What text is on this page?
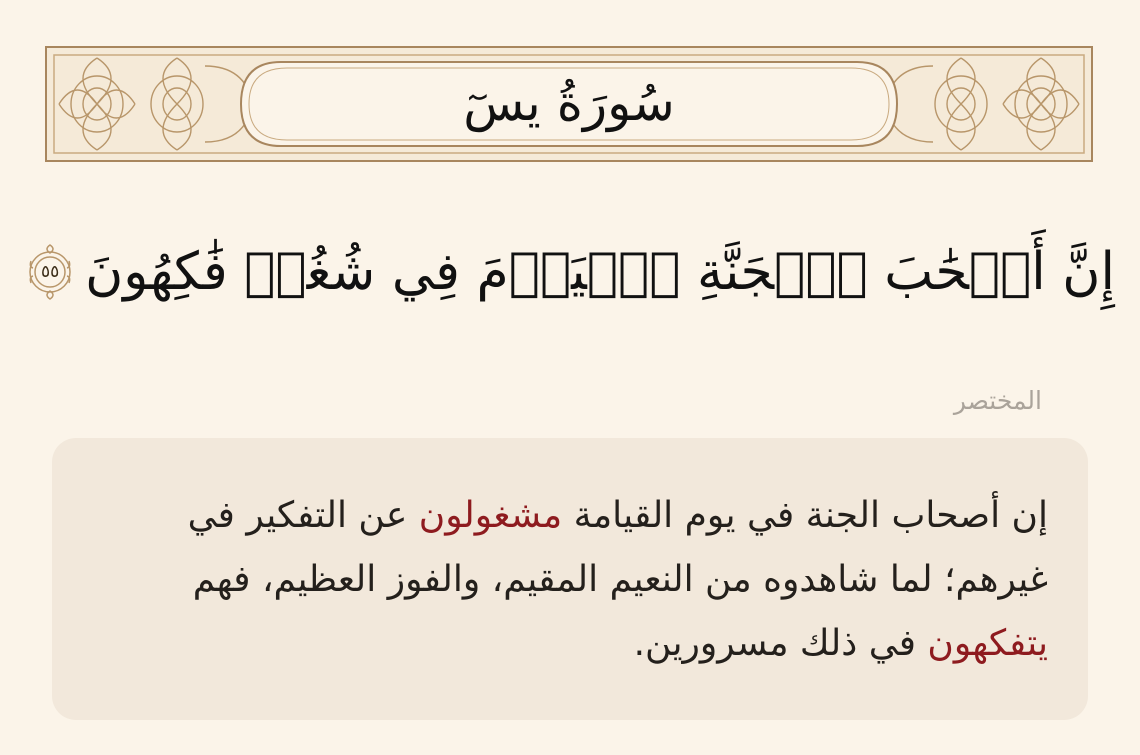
سُورَةُ يسٓ
إِنَّ أَصۡحَٰبَ ٱلۡجَنَّةِ ٱلۡيَوۡمَ فِي شُغُلٖ فَٰكِهُونَ
٥٥
المختصر
إن أصحاب الجنة في يوم القيامة مشغولون عن التفكير في غيرهم؛ لما شاهدوه من النعيم المقيم، والفوز العظيم، فهم يتفكهون في ذلك مسرورين.
